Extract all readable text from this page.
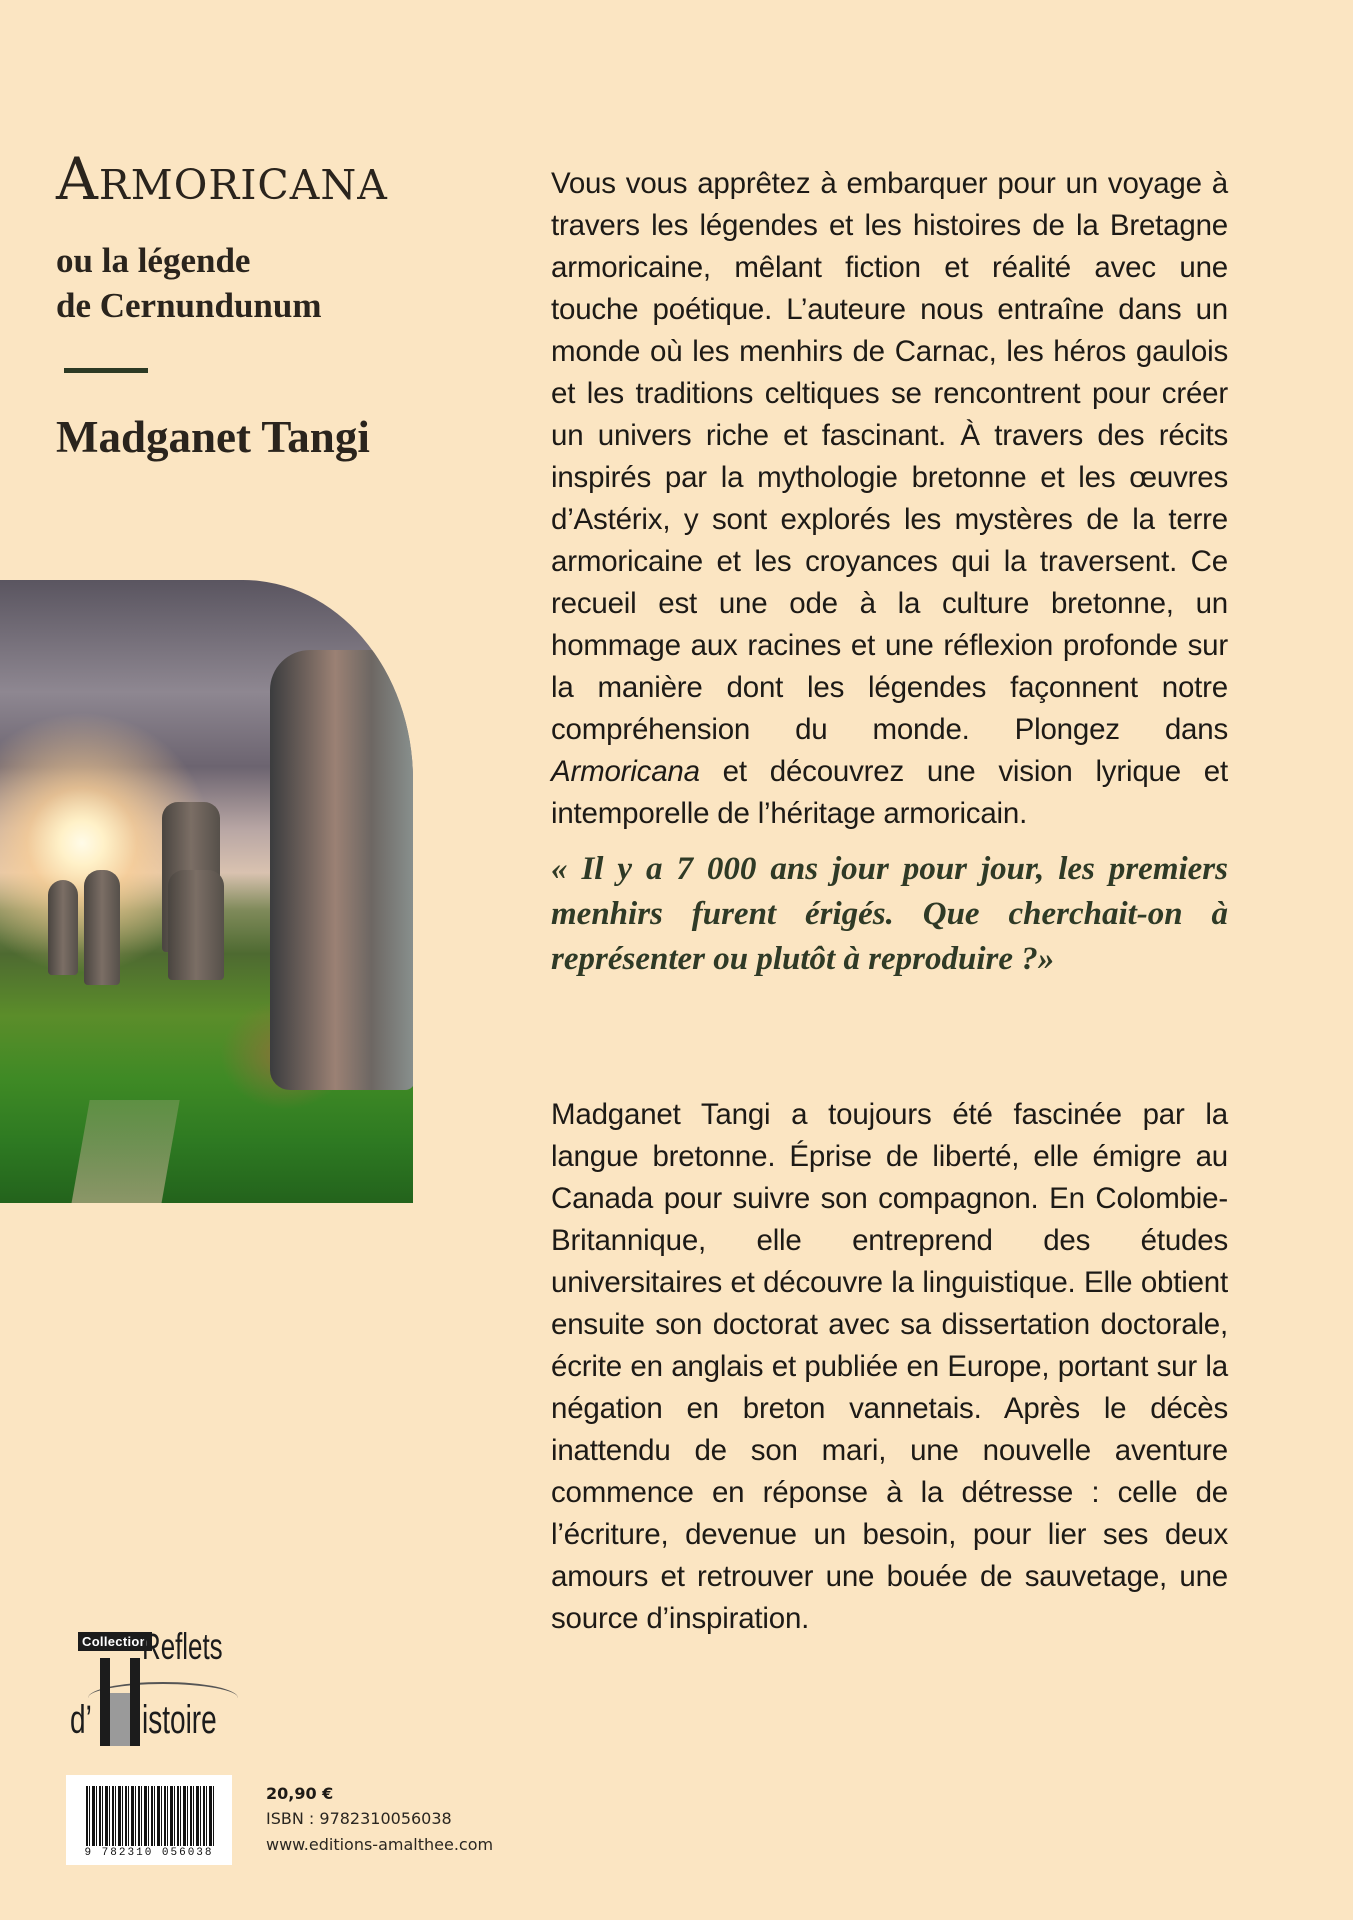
Armoricana
ou la légende
de Cernundunum
Madganet Tangi

Vous vous apprêtez à embarquer pour un voyage à travers les légendes et les histoires de la Bretagne armoricaine, mêlant fiction et réalité avec une touche poétique. L’auteure nous entraîne dans un monde où les menhirs de Carnac, les héros gaulois et les traditions celtiques se rencontrent pour créer un univers riche et fascinant. À travers des récits inspirés par la mythologie bretonne et les œuvres d’Astérix, y sont explorés les mystères de la terre armoricaine et les croyances qui la traversent. Ce recueil est une ode à la culture bretonne, un hommage aux racines et une réflexion profonde sur la manière dont les légendes façonnent notre compréhension du monde. Plongez dans Armoricana et découvrez une vision lyrique et intemporelle de l’héritage armoricain.

« Il y a 7 000 ans jour pour jour, les premiers menhirs furent érigés. Que cherchait-on à représenter ou plutôt à reproduire ?»

Madganet Tangi a toujours été fascinée par la langue bretonne. Éprise de liberté, elle émigre au Canada pour suivre son compagnon. En Colombie-Britannique, elle entreprend des études universitaires et découvre la linguistique. Elle obtient ensuite son doctorat avec sa dissertation doctorale, écrite en anglais et publiée en Europe, portant sur la négation en breton vannetais. Après le décès inattendu de son mari, une nouvelle aventure commence en réponse à la détresse : celle de l’écriture, devenue un besoin, pour lier ses deux amours et retrouver une bouée de sauvetage, une source d’inspiration.

Collection
Reflets
d’ istoire
9 782310 056038
20,90 €
ISBN : 9782310056038
www.editions-amalthee.com
